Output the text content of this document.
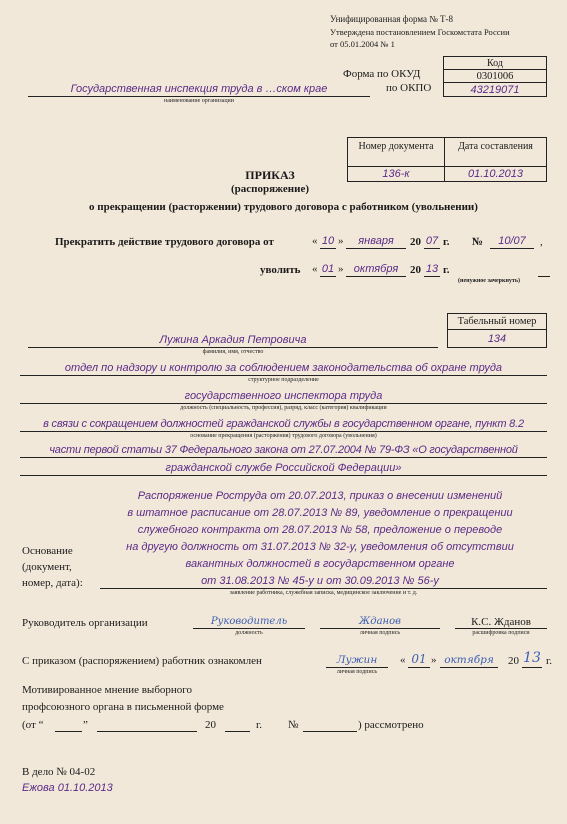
Унифицированная форма № Т-8
Утверждена постановлением Госкомстата России
от 05.01.2004 № 1
Код
Форма по ОКУД	0301006
Государственная инспекция труда в …ском крае
наименование организации
по ОКПО	43219071
Номер документа	Дата составления
136-к	01.10.2013
ПРИКАЗ
(распоряжение)
о прекращении (расторжении) трудового договора с работником (увольнении)
Прекратить действие трудового договора от	« 10 »	января	20 07 г. №	10/07	,
уволить « 01 » октября	20 13 г.
(ненужное зачеркнуть)
Табельный номер
134
Лужина Аркадия Петровича
фамилия, имя, отчество
отдел по надзору и контролю за соблюдением законодательства об охране труда
структурное подразделение
государственного инспектора труда
должность (специальность, профессия), разряд, класс (категория) квалификации
в связи с сокращением должностей гражданской службы в государственном органе, пункт 8.2
основание прекращения (расторжения) трудового договора (увольнения)
части первой статьи 37 Федерального закона от 27.07.2004 № 79-ФЗ «О государственной
гражданской службе Российской Федерации»
Распоряжение Роструда от 20.07.2013, приказ о внесении изменений
в штатное расписание от 28.07.2013 № 89, уведомление о прекращении
служебного контракта от 28.07.2013 № 58, предложение о переводе
на другую должность от 31.07.2013 № 32-у, уведомления об отсутствии
вакантных должностей в государственном органе
от 31.08.2013 № 45-у и от 30.09.2013 № 56-у
заявление работника, служебная записка, медицинское заключение и т. д.
Основание
(документ,
номер, дата):
Руководитель организации	Руководитель
должность
Жданов
личная подпись
К.С. Жданов
расшифровка подписи
С приказом (распоряжением) работник ознакомлен	Лужин
личная подпись
« 01 » октября	20 13 г.
Мотивированное мнение выборного
профсоюзного органа в письменной форме
(от “	”	20	г. №	) рассмотрено
В дело № 04-02
Ежова 01.10.2013
